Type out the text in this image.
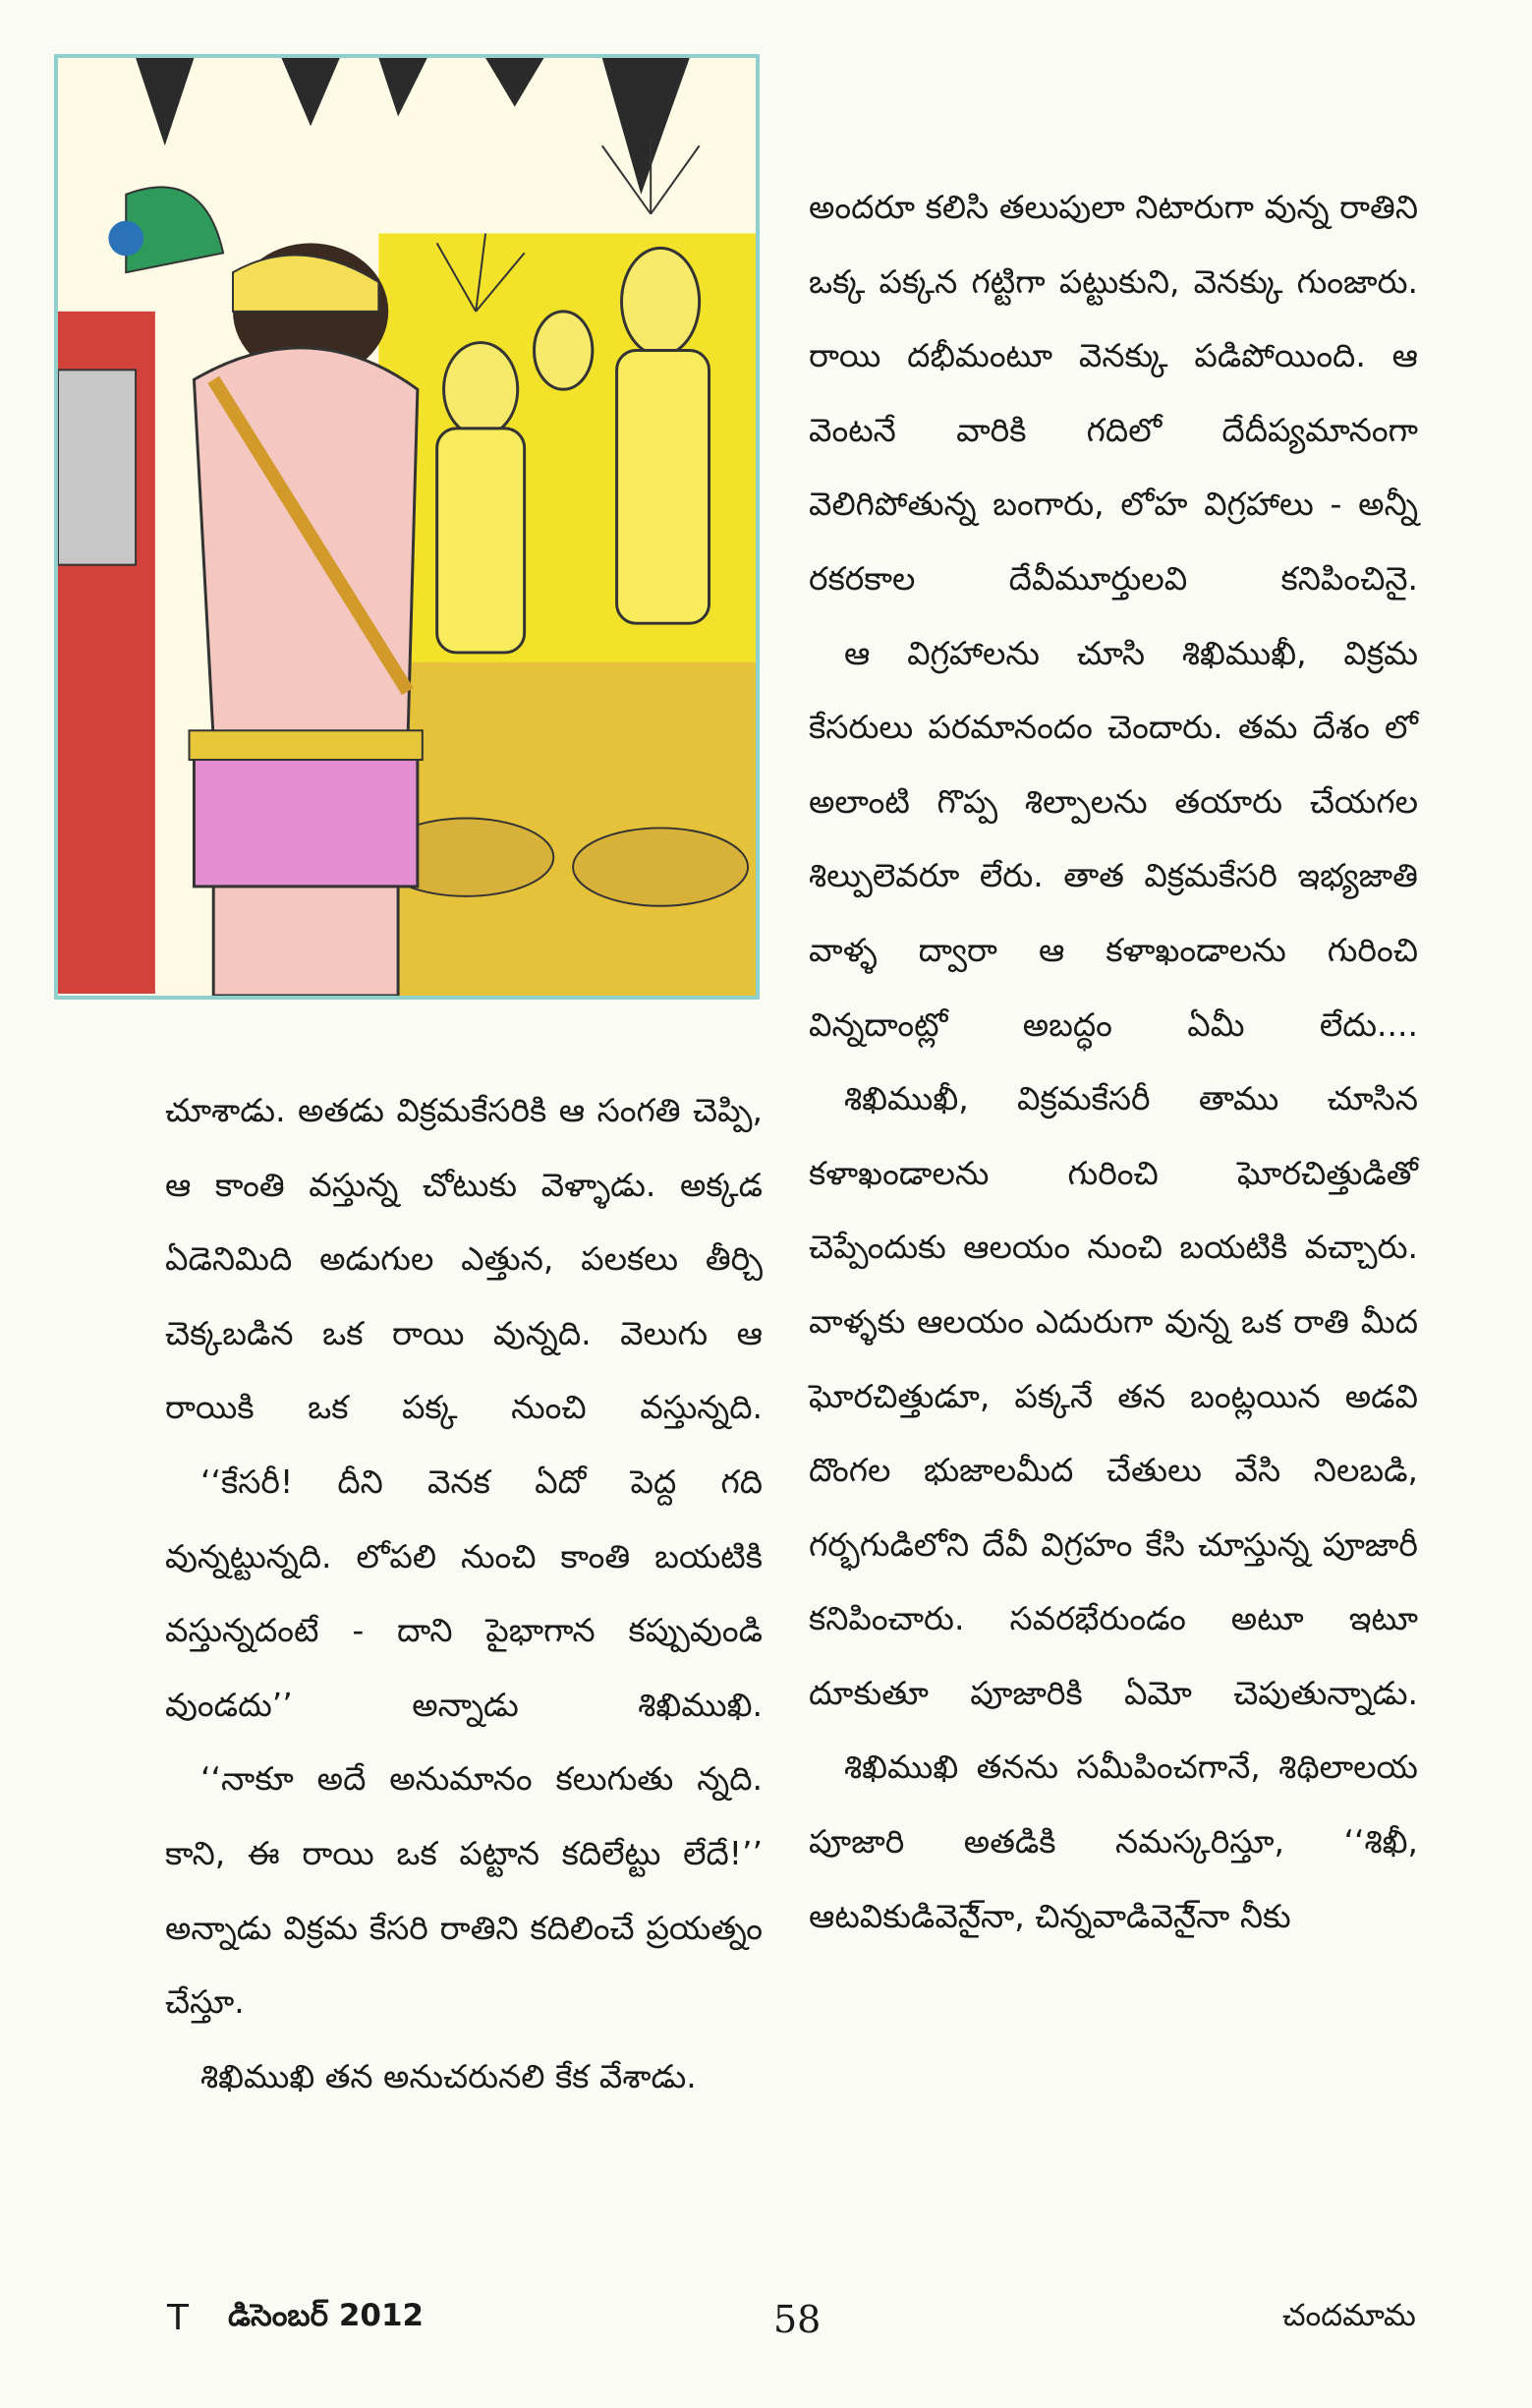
అందరూ కలిసి తలుపులా నిటారుగా వున్న రాతిని ఒక్క పక్కన గట్టిగా పట్టుకుని, వెనక్కు గుంజారు. రాయి దభీమంటూ వెనక్కు పడిపోయింది. ఆ వెంటనే వారికి గదిలో దేదీప్యమానంగా వెలిగిపోతున్న బంగారు, లోహ విగ్రహాలు - అన్నీ రకరకాల దేవీమూర్తులవి కనిపించినై.

ఆ విగ్రహాలను చూసి శిఖిముఖీ, విక్రమ కేసరులు పరమానందం చెందారు. తమ దేశం లో అలాంటి గొప్ప శిల్పాలను తయారు చేయగల శిల్పులెవరూ లేరు. తాత విక్రమకేసరి ఇభ్యజాతి వాళ్ళ ద్వారా ఆ కళాఖండాలను గురించి విన్నదాంట్లో అబద్ధం ఏమీ లేదు....

శిఖిముఖీ, విక్రమకేసరీ తాము చూసిన కళాఖండాలను గురించి ఘోరచిత్తుడితో చెప్పేందుకు ఆలయం నుంచి బయటికి వచ్చారు. వాళ్ళకు ఆలయం ఎదురుగా వున్న ఒక రాతి మీద ఘోరచిత్తుడూ, పక్కనే తన బంట్లయిన అడవి దొంగల భుజాలమీద చేతులు వేసి నిలబడి, గర్భగుడిలోని దేవీ విగ్రహం కేసి చూస్తున్న పూజారీ కనిపించారు. సవరభేరుండం అటూ ఇటూ దూకుతూ పూజారికి ఏమో చెపుతున్నాడు.

శిఖిముఖి తనను సమీపించగానే, శిథిలాలయ పూజారి అతడికి నమస్కరిస్తూ, ‘‘శిఖీ, ఆటవికుడివెనై్నా, చిన్నవాడివెనై్నా నీకు

చూశాడు. అతడు విక్రమకేసరికి ఆ సంగతి చెప్పి, ఆ కాంతి వస్తున్న చోటుకు వెళ్ళాడు. అక్కడ ఏడెనిమిది అడుగుల ఎత్తున, పలకలు తీర్చి చెక్కబడిన ఒక రాయి వున్నది. వెలుగు ఆ రాయికి ఒక పక్క నుంచి వస్తున్నది.

‘‘కేసరీ! దీని వెనక ఏదో పెద్ద గది వున్నట్టున్నది. లోపలి నుంచి కాంతి బయటికి వస్తున్నదంటే - దాని పైభాగాన కప్పువుండి వుండదు’’ అన్నాడు శిఖిముఖి.

‘‘నాకూ అదే అనుమానం కలుగుతు న్నది. కాని, ఈ రాయి ఒక పట్టాన కదిలేట్టు లేదే!’’ అన్నాడు విక్రమ కేసరి రాతిని కదిలించే ప్రయత్నం చేస్తూ.

శిఖిముఖి తన అనుచరునలి కేక వేశాడు.

T డిసెంబర్ 2012	58	చందమామ
